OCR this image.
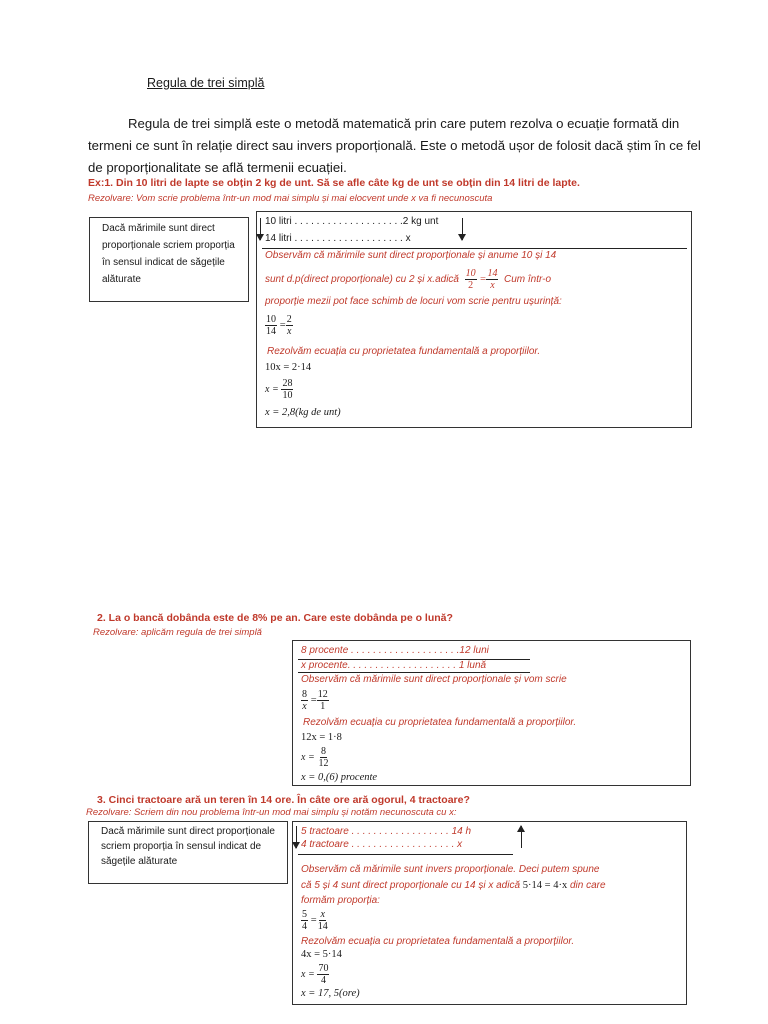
Regula de trei simplă
Regula de trei simplă este o metodă matematică prin care putem rezolva o ecuație formată din termeni ce sunt în relație direct sau invers proporțională. Este o metodă ușor de folosit dacă știm în ce fel de proporționalitate se află termenii ecuației.
Ex:1. Din 10 litri de lapte se obțin 2 kg de unt. Să se afle câte kg de unt se obțin din 14 litri de lapte.
Rezolvare: Vom scrie problema într-un mod mai simplu și mai elocvent unde x va fi necunoscuta
Dacă mărimile sunt direct proporționale scriem proporția în sensul indicat de săgețile alăturate
10 litri . . . . . . . . . . . . . . . . . . . .2 kg unt
14 litri . . . . . . . . . . . . . . . . . . . . x
Observăm că mărimile sunt direct proporționale și anume 10 și 14
sunt d.p(direct proporționale) cu 2 și x.adică $\frac{10}{2} = \frac{14}{x}$ Cum într-o
proporție mezii pot face schimb de locuri vom scrie pentru ușurință:
$\frac{10}{14} = \frac{2}{x}$
Rezolvăm ecuația cu proprietatea fundamentală a proporțiilor.
10x = 2·14
$x = \frac{28}{10}$
x = 2,8(kg de unt)
2. La o bancă dobânda este de 8% pe an. Care este dobânda pe o lună?
Rezolvare: aplicăm regula de trei simplă
8 procente . . . . . . . . . . . . . . . . . . . .12 luni
x procente. . . . . . . . . . . . . . . . . . . . 1 lună
Observăm că mărimile sunt direct proporționale și vom scrie
$\frac{8}{x} = \frac{12}{1}$
Rezolvăm ecuația cu proprietatea fundamentală a proporțiilor.
12x = 1·8
$x = \frac{8}{12}$
x = 0,(6) procente
3. Cinci tractoare ară un teren în 14 ore. În câte ore ară ogorul, 4 tractoare?
Rezolvare: Scriem din nou problema într-un mod mai simplu și notăm necunoscuta cu x:
Dacă mărimile sunt direct proporționale scriem proporția în sensul indicat de săgețile alăturate
5 tractoare . . . . . . . . . . . . . . . . . . 14 h
4 tractoare . . . . . . . . . . . . . . . . . . . x
Observăm că mărimile sunt invers proporționale. Deci putem spune
că 5 și 4 sunt direct proporționale cu 14 și x adică 5·14 = 4·x din care
formăm proporția:
$\frac{5}{4} = \frac{x}{14}$
Rezolvăm ecuația cu proprietatea fundamentală a proporțiilor.
4x = 5·14
$x = \frac{70}{4}$
x = 17, 5(ore)
